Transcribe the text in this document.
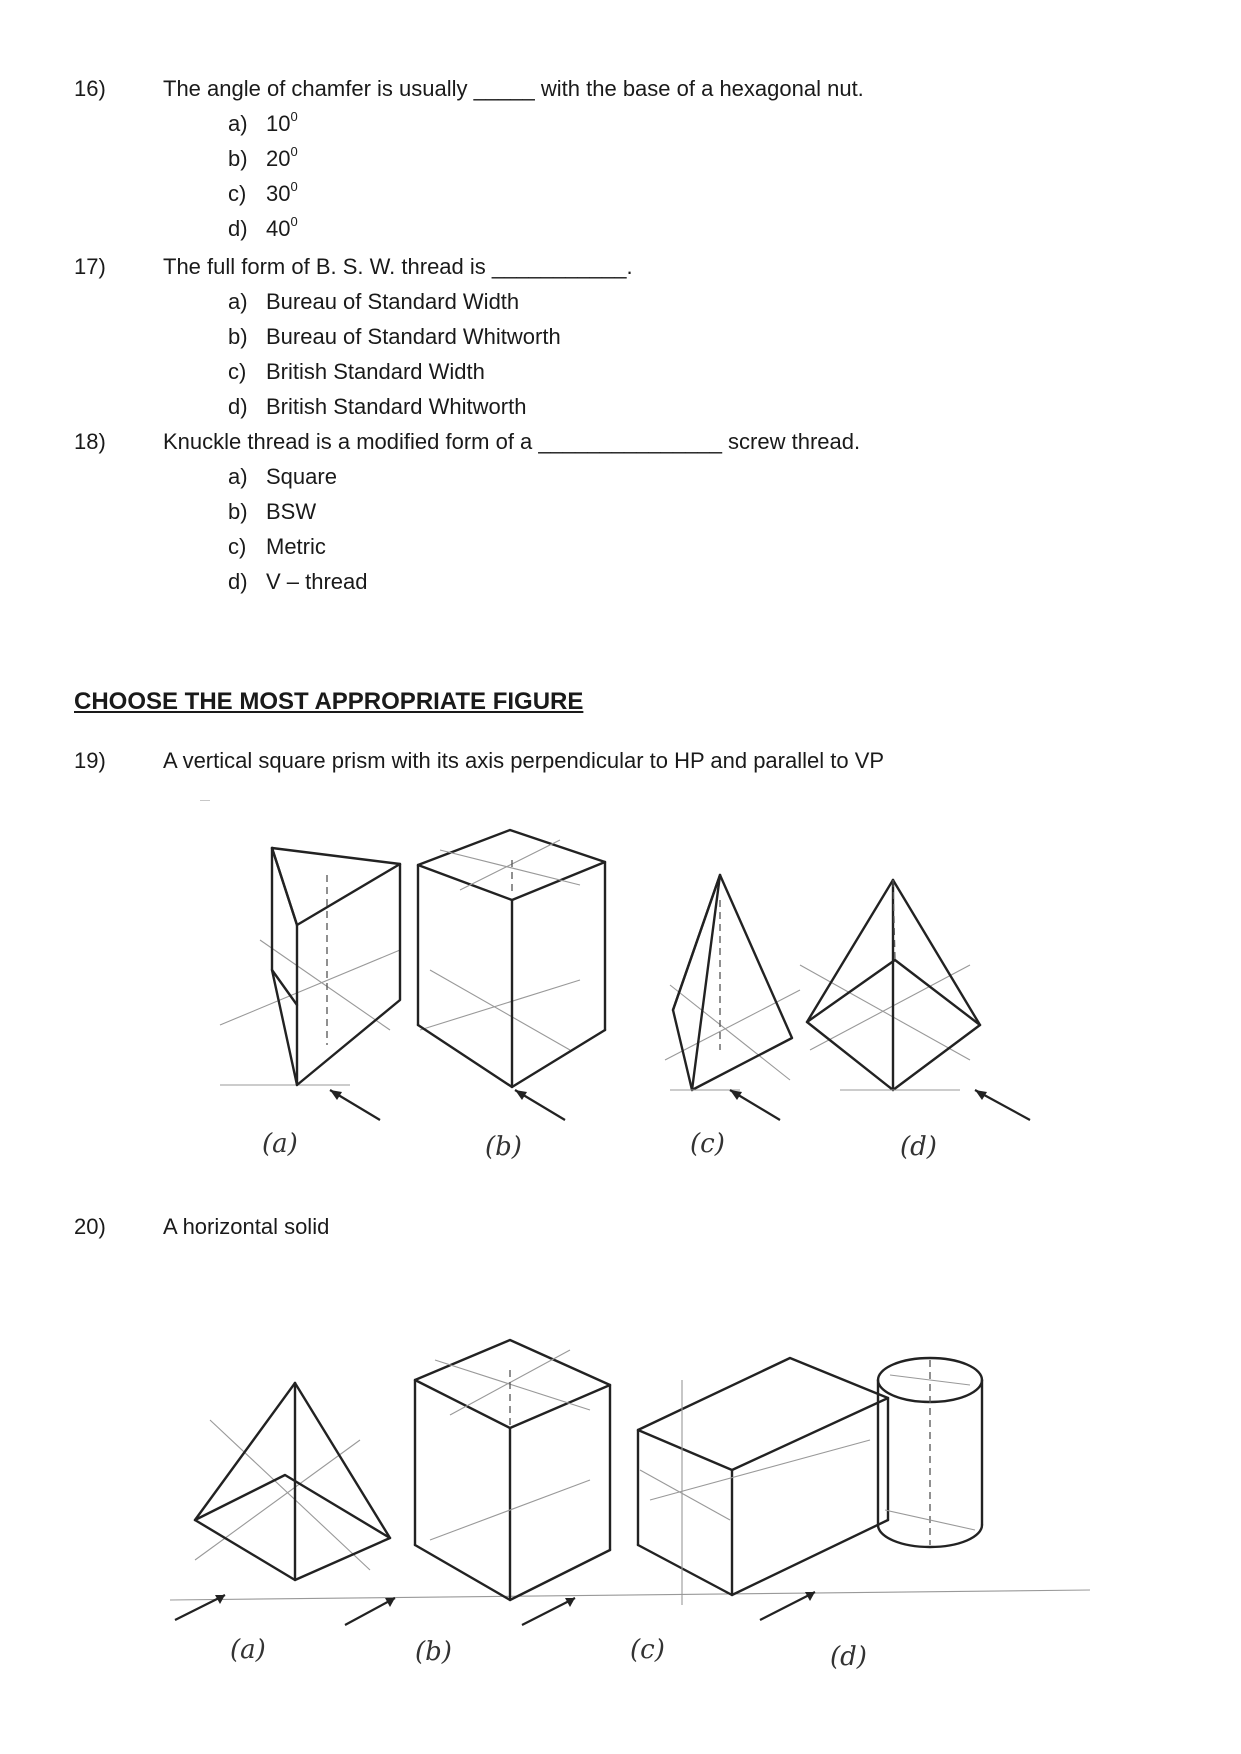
16)	The angle of chamfer is usually _____ with the base of a hexagonal nut.
a) $10^0$
b) $20^0$
c) $30^0$
d) $40^0$
17)	The full form of B. S. W. thread is ___________.
a) Bureau of Standard Width
b) Bureau of Standard Whitworth
c) British Standard Width
d) British Standard Whitworth
18)	Knuckle thread is a modified form of a _______________ screw thread.
a) Square
b) BSW
c) Metric
d) V – thread
CHOOSE THE MOST APPROPRIATE FIGURE
19)	A vertical square prism with its axis perpendicular to HP and parallel to VP
(a)	(b)	(c)	(d)
20)	A horizontal solid
(a)	(b)	(c)	(d)
